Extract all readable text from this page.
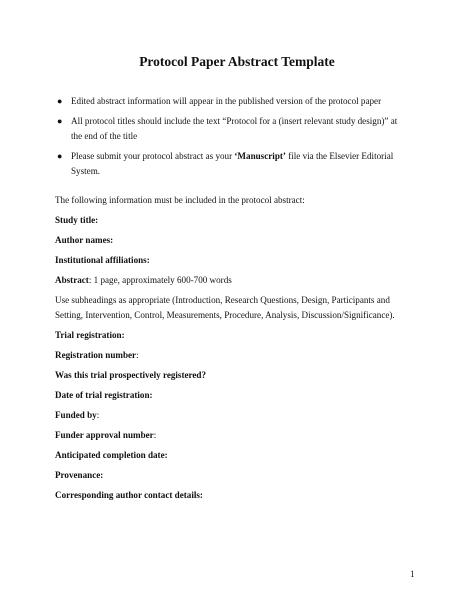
Protocol Paper Abstract Template
● Edited abstract information will appear in the published version of the protocol paper
● All protocol titles should include the text “Protocol for a (insert relevant study design)” at
the end of the title
● Please submit your protocol abstract as your ‘Manuscript’ file via the Elsevier Editorial
System.

The following information must be included in the protocol abstract:

Study title:

Author names:

Institutional affiliations:

Abstract: 1 page, approximately 600-700 words

Use subheadings as appropriate (Introduction, Research Questions, Design, Participants and

Setting, Intervention, Control, Measurements, Procedure, Analysis, Discussion/Significance).

Trial registration:

Registration number:

Was this trial prospectively registered?

Date of trial registration:

Funded by:

Funder approval number:

Anticipated completion date:

Provenance:

Corresponding author contact details:

1
